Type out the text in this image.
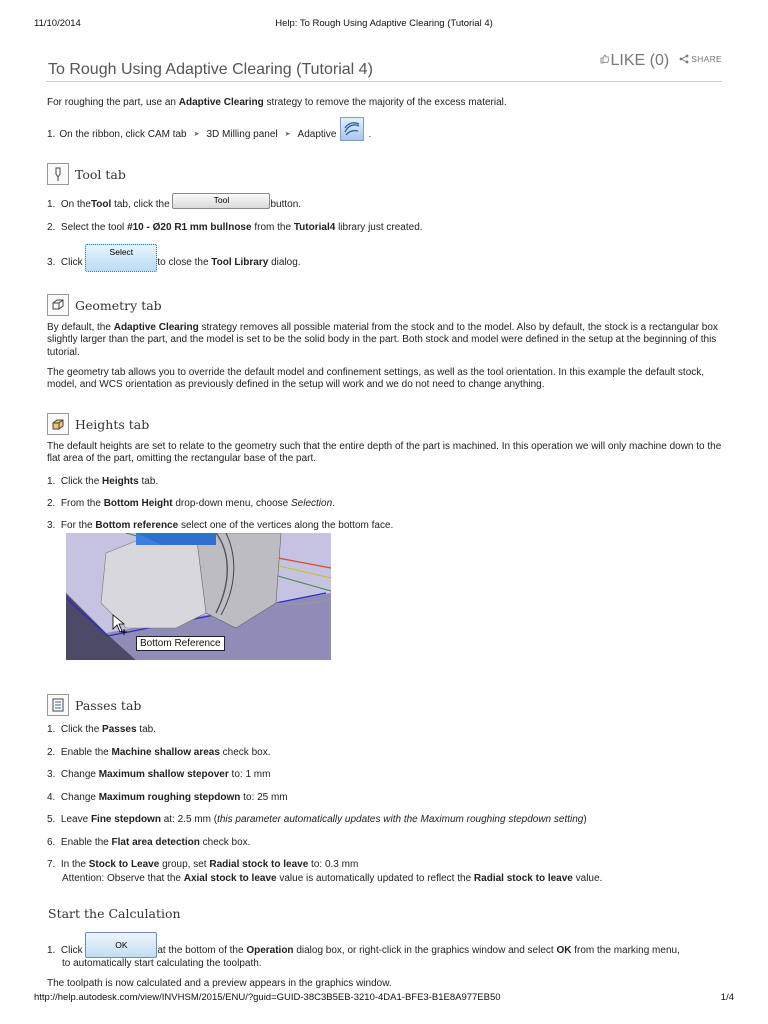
11/10/2014	Help: To Rough Using Adaptive Clearing (Tutorial 4)
To Rough Using Adaptive Clearing (Tutorial 4)
LIKE (0)	SHARE

For roughing the part, use an Adaptive Clearing strategy to remove the majority of the excess material.

1. On the ribbon, click CAM tab ➤ 3D Milling panel ➤ Adaptive	.
Tool tab
1.
On the Tool tab, click the	Tool	button.
2. Select the tool #10 - Ø20 R1 mm bullnose from the Tutorial4 library just created.
3.
Click
Select
to close the Tool Library dialog.
Geometry tab
By default, the Adaptive Clearing strategy removes all possible material from the stock and to the model. Also by default, the stock is a rectangular box slightly larger than the part, and the model is set to be the solid body in the part. Both stock and model were defined in the setup at the beginning of this tutorial.
The geometry tab allows you to override the default model and confinement settings, as well as the tool orientation. In this example the default stock, model, and WCS orientation as previously defined in the setup will work and we do not need to change anything.
Heights tab
The default heights are set to relate to the geometry such that the entire depth of the part is machined. In this operation we will only machine down to the flat area of the part, omitting the rectangular base of the part.
1. Click the Heights tab.
2. From the Bottom Height drop-down menu, choose Selection.
3. For the Bottom reference select one of the vertices along the bottom face.
Bottom Reference
Passes tab
1. Click the Passes tab.
2. Enable the Machine shallow areas check box.
3. Change Maximum shallow stepover to: 1 mm
4. Change Maximum roughing stepdown to: 25 mm
5. Leave Fine stepdown at: 2.5 mm (this parameter automatically updates with the Maximum roughing stepdown setting)
6. Enable the Flat area detection check box.
7. In the Stock to Leave group, set Radial stock to leave to: 0.3 mm
Attention: Observe that the Axial stock to leave value is automatically updated to reflect the Radial stock to leave value.
Start the Calculation
1.
Click	OK	at the bottom of the Operation dialog box, or right-click in the graphics window and select OK from the marking menu,
to automatically start calculating the toolpath.
The toolpath is now calculated and a preview appears in the graphics window.
http://help.autodesk.com/view/INVHSM/2015/ENU/?guid=GUID-38C3B5EB-3210-4DA1-BFE3-B1E8A977EB50	1/4
